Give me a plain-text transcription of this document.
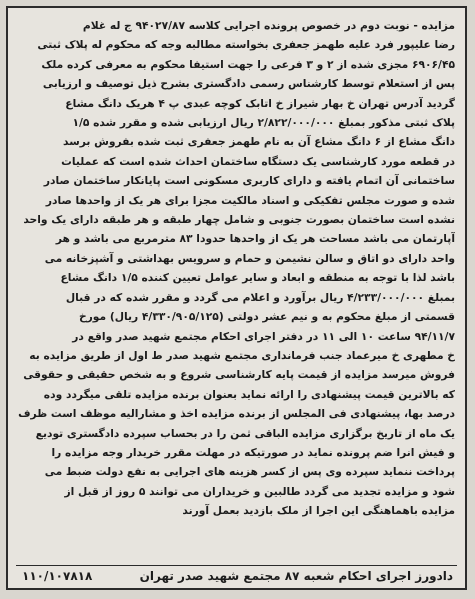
مزایده - نوبت دوم در خصوص پرونده اجرایی کلاسه ۹۴۰۲۷/۸۷ ج له غلام
رضا علیپور فرد علیه طهمز جعفری بخواسته مطالبه وجه که محکوم له پلاک ثبتی
۶۹۰۶/۴۵ مجزی شده از ۲ و ۳ فرعی را جهت استیفا محکوم به معرفی کرده ملک
پس از استعلام توسط کارشناس رسمی دادگستری بشرح ذیل توصیف و ارزیابی
گردید آدرس تهران خ بهار شیراز خ اتابک کوچه عبدی پ ۴ هریک دانگ مشاع
پلاک ثبتی مذکور بمبلغ ۲/۸۲۲/۰۰۰/۰۰۰ ریال ارزیابی شده و مقرر شده ۱/۵
دانگ مشاع از ۶ دانگ مشاع آن به نام طهمز جعفری ثبت شده بفروش برسد
در قطعه مورد کارشناسی یک دستگاه ساختمان احداث شده است که عملیات
ساختمانی آن اتمام یافته و دارای کاربری مسکونی است پایانکار ساختمان صادر
شده و صورت مجلس تفکیکی و اسناد مالکیت مجزا برای هر یک از واحدها صادر
نشده است ساختمان بصورت جنوبی و شامل چهار طبقه و هر طبقه دارای یک واحد
آپارتمان می باشد مساحت هر یک از واحدها حدودا ۸۳ مترمربع می باشد و هر
واحد دارای دو اتاق و سالن نشیمن و حمام و سرویس بهداشتی و آشپزخانه می
باشد لذا با توجه به منطقه و ابعاد و سایر عوامل تعیین کننده ۱/۵ دانگ مشاع
بمبلغ ۴/۲۳۳/۰۰۰/۰۰۰ ریال برآورد و اعلام می گردد و مقرر شده که در قبال
قسمتی از مبلغ محکوم به و نیم عشر دولتی (۴/۳۳۰/۹۰۵/۱۲۵ ریال) مورخ
۹۴/۱۱/۷ ساعت ۱۰ الی ۱۱ در دفتر اجرای احکام مجتمع شهید صدر واقع در
خ مطهری خ میرعماد جنب فرمانداری مجتمع شهید صدر ط اول از طریق مزایده به
فروش میرسد مزایده از قیمت پایه کارشناسی شروع و به شخص حقیقی و حقوقی
که بالاترین قیمت پیشنهادی را ارائه نماید بعنوان برنده مزایده تلقی میگردد وده
درصد بها، پیشنهادی فی المجلس از برنده مزایده اخذ و مشارالیه موظف است ظرف
یک ماه از تاریخ برگزاری مزایده الباقی ثمن را در بحساب سپرده دادگستری تودیع
و فیش انرا ضم پرونده نماید در صورتیکه در مهلت مقرر خریدار وجه مزایده را
پرداخت ننماید سپرده وی پس از کسر هزینه های اجرایی به نفع دولت ضبط می
شود و مزایده تجدید می گردد طالبین و خریداران می توانند ۵ روز از قبل از
مزایده باهماهنگی این اجرا از ملک بازدید بعمل آورند
دادورز اجرای احکام شعبه ۸۷ مجتمع شهید صدر تهران
۱۱۰/۱۰۷۸۱۸
